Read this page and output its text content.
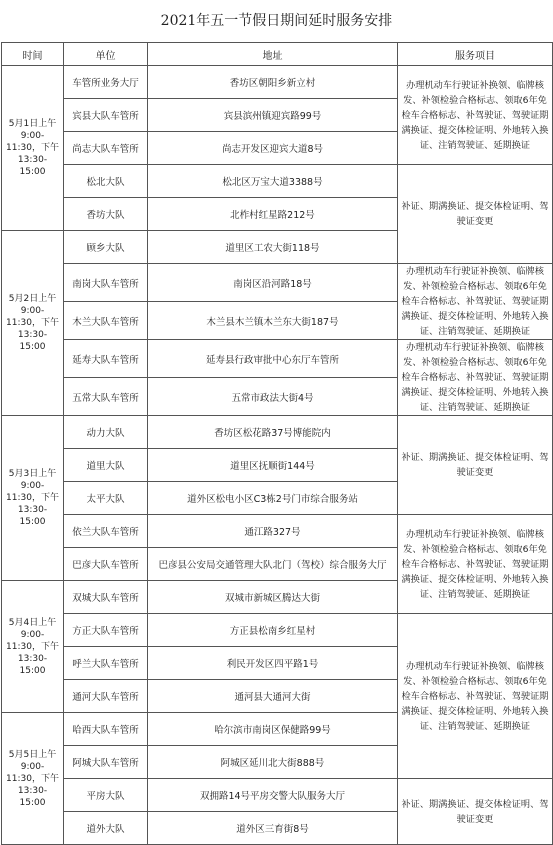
2021年五一节假日期间延时服务安排
时间	单位	地址	服务项目
5月1日上午9:00-11:30，下午13:30-15:00	车管所业务大厅	香坊区朝阳乡新立村	办理机动车行驶证补换领、临牌核发、补领检验合格标志、领取6年免检车合格标志、补驾驶证、驾驶证期满换证、提交体检证明、外地转入换证、注销驾驶证、延期换证
	宾县大队车管所	宾县滨州镇迎宾路99号	
	尚志大队车管所	尚志开发区迎宾大道8号	
	松北大队	松北区万宝大道3388号	补证、期满换证、提交体检证明、驾驶证变更
	香坊大队	北柞村红星路212号	
5月2日上午9:00-11:30，下午13:30-15:00	顾乡大队	道里区工农大街118号	
	南岗大队车管所	南岗区沿河路18号	办理机动车行驶证补换领、临牌核发、补领检验合格标志、领取6年免检车合格标志、补驾驶证、驾驶证期满换证、提交体检证明、外地转入换证、注销驾驶证、延期换证
	木兰大队车管所	木兰县木兰镇木兰东大街187号	
	延寿大队车管所	延寿县行政审批中心东厅车管所	办理机动车行驶证补换领、临牌核发、补领检验合格标志、领取6年免检车合格标志、补驾驶证、驾驶证期满换证、提交体检证明、外地转入换证、注销驾驶证、延期换证
	五常大队车管所	五常市政法大街4号	
5月3日上午9:00-11:30，下午13:30-15:00	动力大队	香坊区松花路37号博能院内	补证、期满换证、提交体检证明、驾驶证变更
	道里大队	道里区抚顺街144号	
	太平大队	道外区松电小区C3栋2号门市综合服务站	
	依兰大队车管所	通江路327号	办理机动车行驶证补换领、临牌核发、补领检验合格标志、领取6年免检车合格标志、补驾驶证、驾驶证期满换证、提交体检证明、外地转入换证、注销驾驶证、延期换证
	巴彦大队车管所	巴彦县公安局交通管理大队北门（驾校）综合服务大厅	
5月4日上午9:00-11:30，下午13:30-15:00	双城大队车管所	双城市新城区腾达大街	
	方正大队车管所	方正县松南乡红星村	办理机动车行驶证补换领、临牌核发、补领检验合格标志、领取6年免检车合格标志、补驾驶证、驾驶证期满换证、提交体检证明、外地转入换证、注销驾驶证、延期换证
	呼兰大队车管所	利民开发区四平路1号	
	通河大队车管所	通河县大通河大街	
5月5日上午9:00-11:30，下午13:30-15:00	哈西大队车管所	哈尔滨市南岗区保健路99号	
	阿城大队车管所	阿城区延川北大街888号	
	平房大队	双拥路14号平房交警大队服务大厅	补证、期满换证、提交体检证明、驾驶证变更
	道外大队	道外区三育街8号	
